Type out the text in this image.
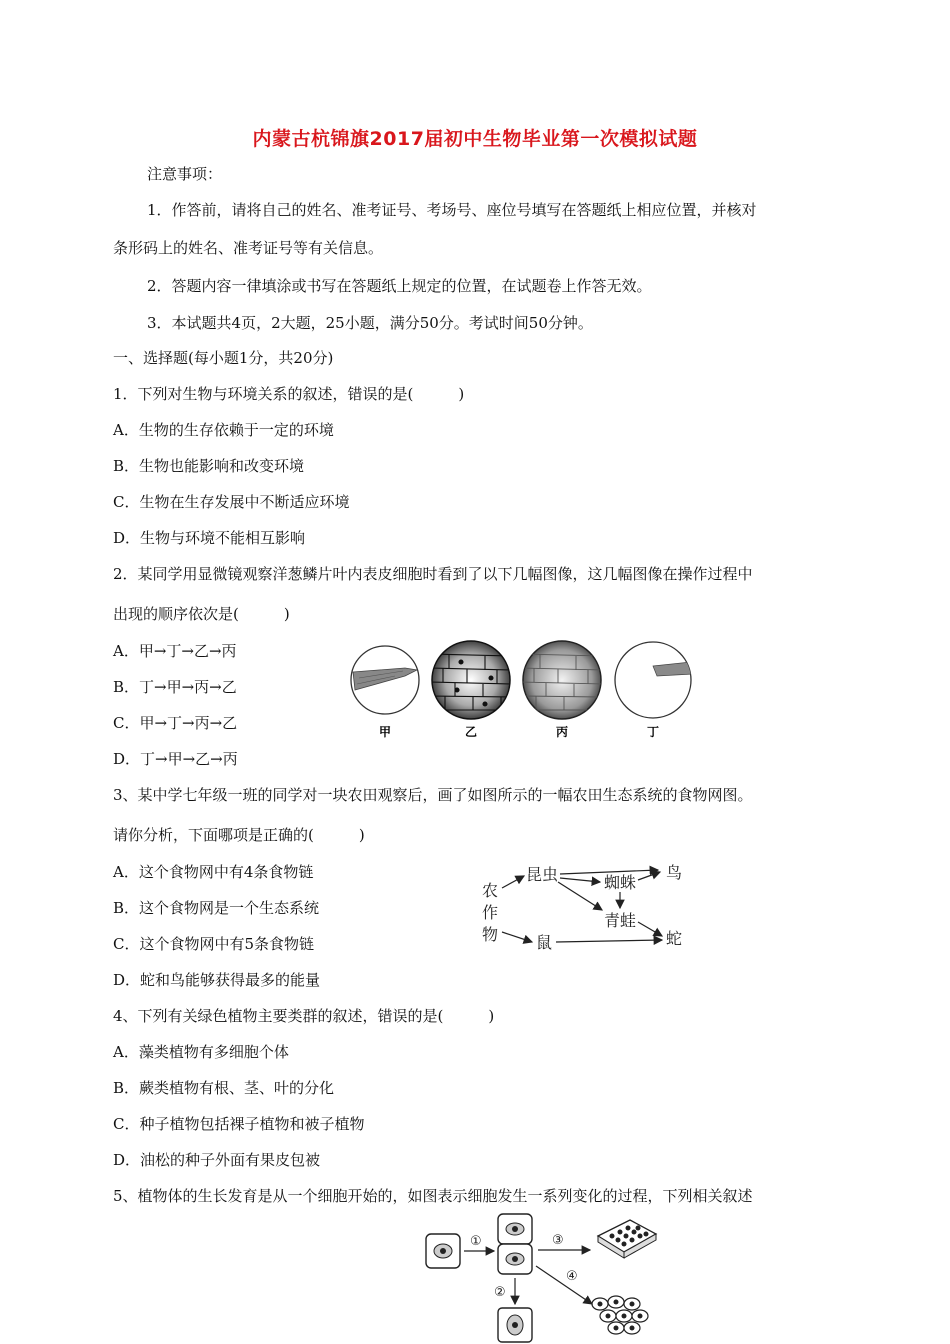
内蒙古杭锦旗2017届初中生物毕业第一次模拟试题
注意事项：
1．作答前，请将自己的姓名、准考证号、考场号、座位号填写在答题纸上相应位置，并核对
条形码上的姓名、准考证号等有关信息。
2．答题内容一律填涂或书写在答题纸上规定的位置，在试题卷上作答无效。
3．本试题共4页，2大题，25小题，满分50分。考试时间50分钟。
一、选择题(每小题1分，共20分)
1．下列对生物与环境关系的叙述，错误的是(　　　)
A．生物的生存依赖于一定的环境
B．生物也能影响和改变环境
C．生物在生存发展中不断适应环境
D．生物与环境不能相互影响
2．某同学用显微镜观察洋葱鳞片叶内表皮细胞时看到了以下几幅图像，这几幅图像在操作过程中
出现的顺序依次是(　　　)
A．甲→丁→乙→丙
B．丁→甲→丙→乙
C．甲→丁→丙→乙
D．丁→甲→乙→丙
甲	乙	丙	丁
3、某中学七年级一班的同学对一块农田观察后，画了如图所示的一幅农田生态系统的食物网图。
请你分析，下面哪项是正确的(　　　)
A．这个食物网中有4条食物链
B．这个食物网是一个生态系统
C．这个食物网中有5条食物链
D．蛇和鸟能够获得最多的能量
农
作
物
昆虫	蜘蛛
鸟
青蛙
蛇
鼠
4、下列有关绿色植物主要类群的叙述，错误的是(　　　)
A．藻类植物有多细胞个体
B．蕨类植物有根、茎、叶的分化
C．种子植物包括裸子植物和被子植物
D．油松的种子外面有果皮包被
5、植物体的生长发育是从一个细胞开始的，如图表示细胞发生一系列变化的过程，下列相关叙述
①
②
③
④
